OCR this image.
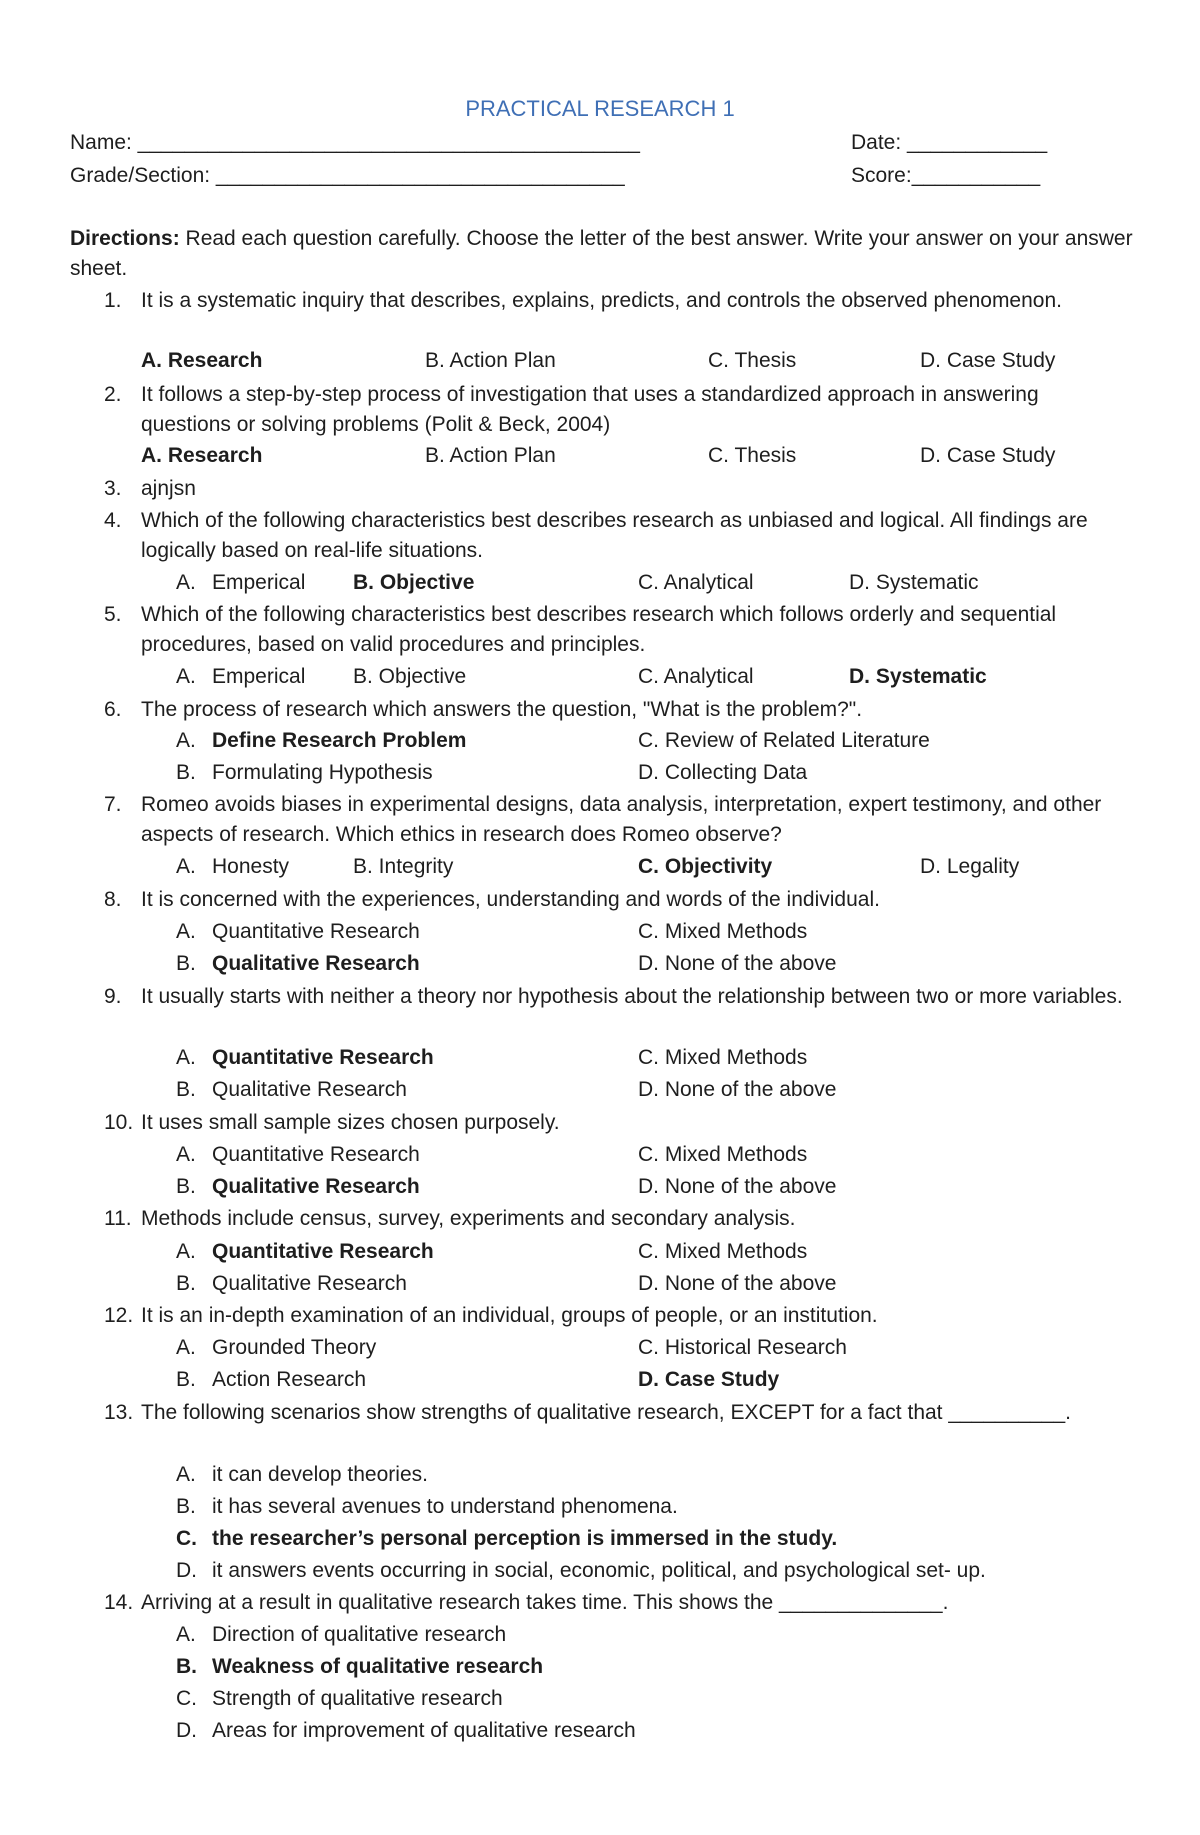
PRACTICAL RESEARCH 1
Name: ___________________________________________	Date: ____________
Grade/Section: ___________________________________	Score:___________
Directions: Read each question carefully. Choose the letter of the best answer. Write your answer on your answer sheet.
1. It is a systematic inquiry that describes, explains, predicts, and controls the observed phenomenon.
A. Research	B. Action Plan	C. Thesis	D. Case Study
2. It follows a step-by-step process of investigation that uses a standardized approach in answering questions or solving problems (Polit & Beck, 2004)
A. Research	B. Action Plan	C. Thesis	D. Case Study
3. ajnjsn
4. Which of the following characteristics best describes research as unbiased and logical. All findings are logically based on real-life situations.
A. Emperical B. Objective	C. Analytical	D. Systematic
5. Which of the following characteristics best describes research which follows orderly and sequential procedures, based on valid procedures and principles.
A. Emperical B. Objective	C. Analytical	D. Systematic
6. The process of research which answers the question, "What is the problem?".
A. Define Research Problem	C. Review of Related Literature
B. Formulating Hypothesis	D. Collecting Data
7. Romeo avoids biases in experimental designs, data analysis, interpretation, expert testimony, and other aspects of research. Which ethics in research does Romeo observe?
A. Honesty	B. Integrity	C. Objectivity	D. Legality
8. It is concerned with the experiences, understanding and words of the individual.
A. Quantitative Research	C. Mixed Methods
B. Qualitative Research	D. None of the above
9. It usually starts with neither a theory nor hypothesis about the relationship between two or more variables.
A. Quantitative Research	C. Mixed Methods
B. Qualitative Research	D. None of the above
10. It uses small sample sizes chosen purposely.
A. Quantitative Research	C. Mixed Methods
B. Qualitative Research	D. None of the above
11. Methods include census, survey, experiments and secondary analysis.
A. Quantitative Research	C. Mixed Methods
B. Qualitative Research	D. None of the above
12. It is an in-depth examination of an individual, groups of people, or an institution.
A. Grounded Theory	C. Historical Research
B. Action Research	D. Case Study
13. The following scenarios show strengths of qualitative research, EXCEPT for a fact that __________.
A. it can develop theories.
B. it has several avenues to understand phenomena.
C. the researcher’s personal perception is immersed in the study.
D. it answers events occurring in social, economic, political, and psychological set- up.
14. Arriving at a result in qualitative research takes time. This shows the ______________.
A. Direction of qualitative research
B. Weakness of qualitative research
C. Strength of qualitative research
D. Areas for improvement of qualitative research
